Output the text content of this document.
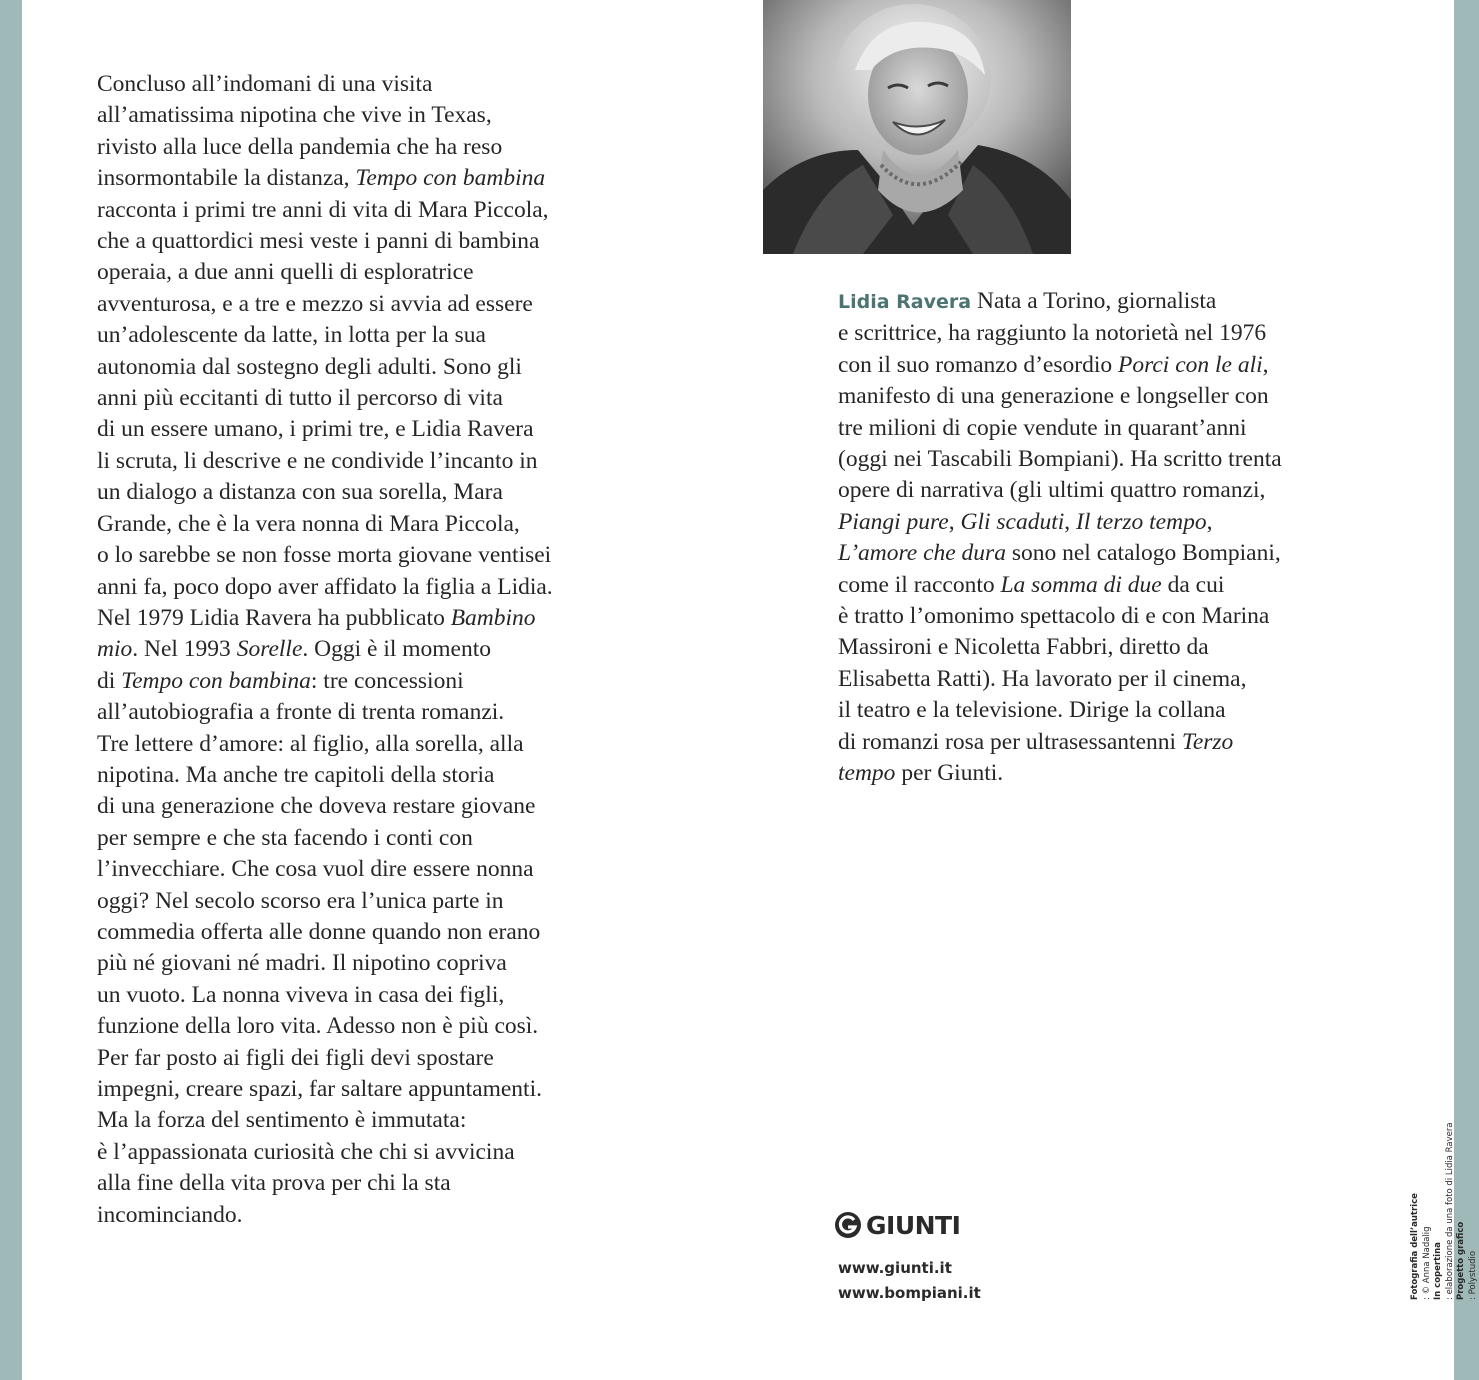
Concluso all’indomani di una visita
all’amatissima nipotina che vive in Texas,
rivisto alla luce della pandemia che ha reso
insormontabile la distanza, Tempo con bambina
racconta i primi tre anni di vita di Mara Piccola,
che a quattordici mesi veste i panni di bambina
operaia, a due anni quelli di esploratrice
avventurosa, e a tre e mezzo si avvia ad essere
un’adolescente da latte, in lotta per la sua
autonomia dal sostegno degli adulti. Sono gli
anni più eccitanti di tutto il percorso di vita
di un essere umano, i primi tre, e Lidia Ravera
li scruta, li descrive e ne condivide l’incanto in
un dialogo a distanza con sua sorella, Mara
Grande, che è la vera nonna di Mara Piccola,
o lo sarebbe se non fosse morta giovane ventisei
anni fa, poco dopo aver affidato la figlia a Lidia.
Nel 1979 Lidia Ravera ha pubblicato Bambino
mio. Nel 1993 Sorelle. Oggi è il momento
di Tempo con bambina: tre concessioni
all’autobiografia a fronte di trenta romanzi.
Tre lettere d’amore: al figlio, alla sorella, alla
nipotina. Ma anche tre capitoli della storia
di una generazione che doveva restare giovane
per sempre e che sta facendo i conti con
l’invecchiare. Che cosa vuol dire essere nonna
oggi? Nel secolo scorso era l’unica parte in
commedia offerta alle donne quando non erano
più né giovani né madri. Il nipotino copriva
un vuoto. La nonna viveva in casa dei figli,
funzione della loro vita. Adesso non è più così.
Per far posto ai figli dei figli devi spostare
impegni, creare spazi, far saltare appuntamenti.
Ma la forza del sentimento è immutata:
è l’appassionata curiosità che chi si avvicina
alla fine della vita prova per chi la sta
incominciando.
Lidia Ravera Nata a Torino, giornalista
e scrittrice, ha raggiunto la notorietà nel 1976
con il suo romanzo d’esordio Porci con le ali,
manifesto di una generazione e longseller con
tre milioni di copie vendute in quarant’anni
(oggi nei Tascabili Bompiani). Ha scritto trenta
opere di narrativa (gli ultimi quattro romanzi,
Piangi pure, Gli scaduti, Il terzo tempo,
L’amore che dura sono nel catalogo Bompiani,
come il racconto La somma di due da cui
è tratto l’omonimo spettacolo di e con Marina
Massironi e Nicoletta Fabbri, diretto da
Elisabetta Ratti). Ha lavorato per il cinema,
il teatro e la televisione. Dirige la collana
di romanzi rosa per ultrasessantenni Terzo
tempo per Giunti.
GIUNTI
www.giunti.it
www.bompiani.it	Fotografia dell’autrice : © Anna Nadalig In copertina : elaborazione da una foto di Lidia Ravera Progetto grafico : Polystudio
